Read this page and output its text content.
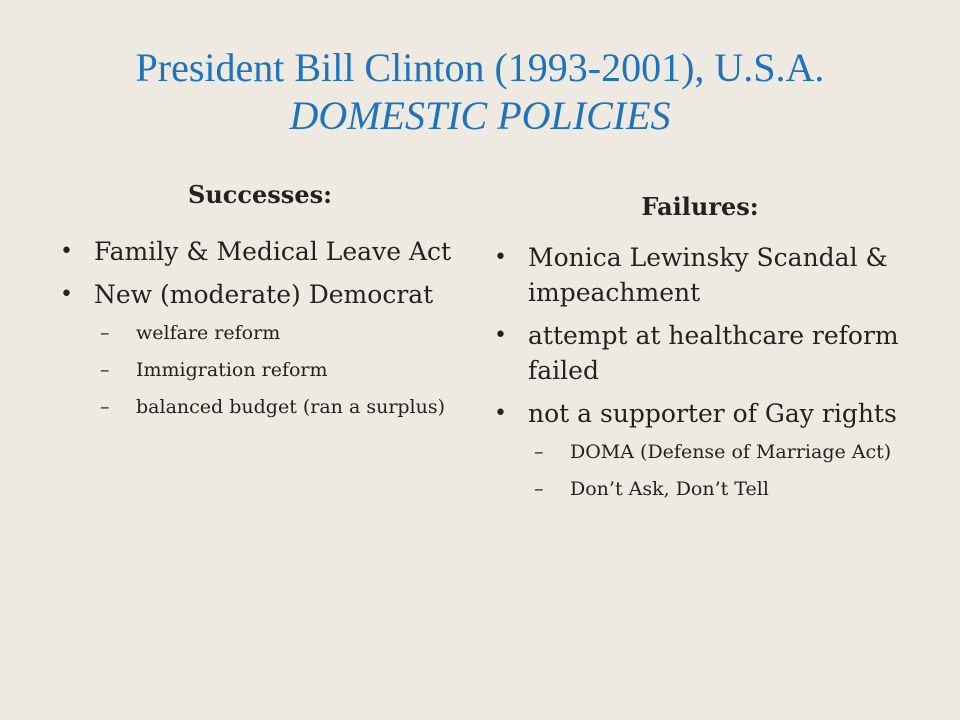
President Bill Clinton (1993-2001), U.S.A.
DOMESTIC POLICIES
Successes:	Failures:
• Family & Medical Leave Act
• New (moderate) Democrat
– welfare reform
– Immigration reform
– balanced budget (ran a surplus)
• Monica Lewinsky Scandal & impeachment
• attempt at healthcare reform failed
• not a supporter of Gay rights
– DOMA (Defense of Marriage Act)
– Don’t Ask, Don’t Tell
